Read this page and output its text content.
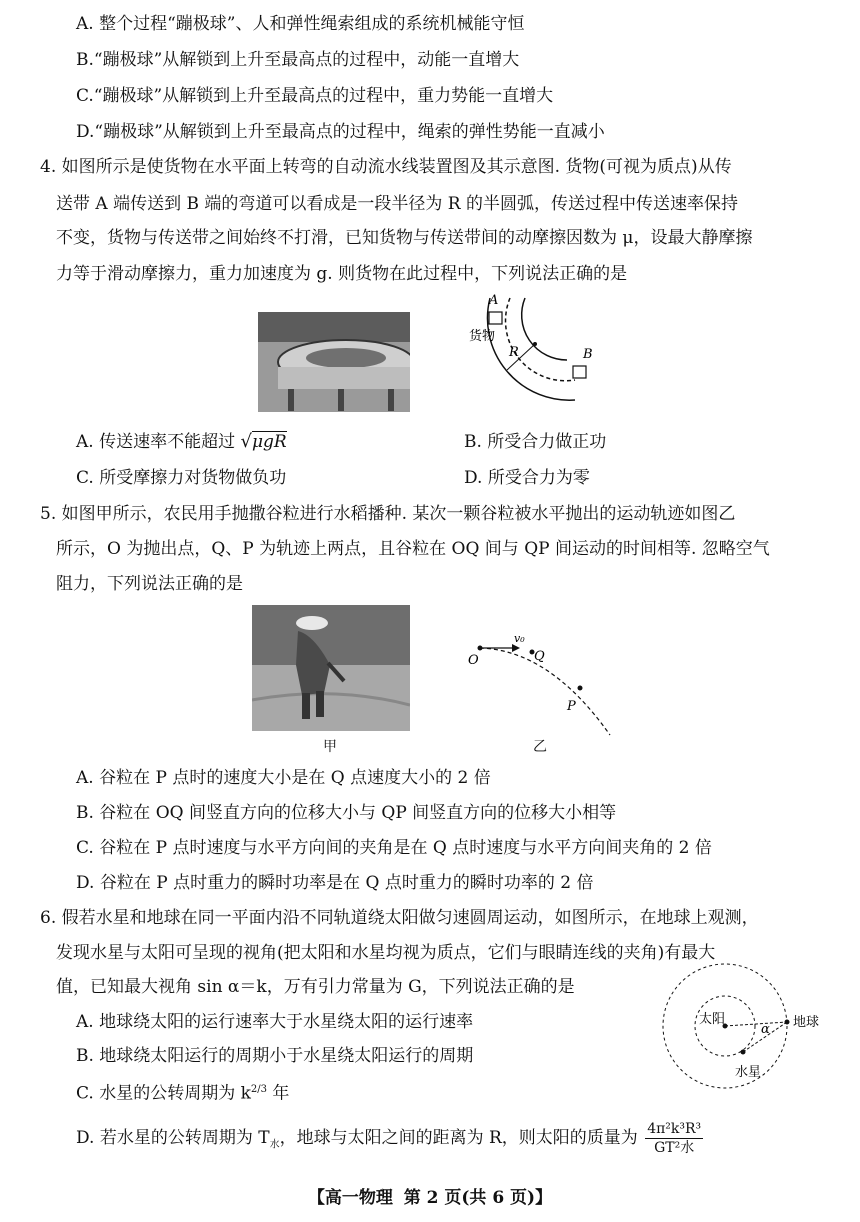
A. 整个过程“蹦极球”、人和弹性绳索组成的系统机械能守恒
B.“蹦极球”从解锁到上升至最高点的过程中，动能一直增大
C.“蹦极球”从解锁到上升至最高点的过程中，重力势能一直增大
D.“蹦极球”从解锁到上升至最高点的过程中，绳索的弹性势能一直减小
4. 如图所示是使货物在水平面上转弯的自动流水线装置图及其示意图. 货物(可视为质点)从传
送带 A 端传送到 B 端的弯道可以看成是一段半径为 R 的半圆弧，传送过程中传送速率保持
不变，货物与传送带之间始终不打滑，已知货物与传送带间的动摩擦因数为 μ，设最大静摩擦
力等于滑动摩擦力，重力加速度为 g. 则货物在此过程中，下列说法正确的是
A
B
货物
R
A. 传送速率不能超过 √μgR	B. 所受合力做正功
C. 所受摩擦力对货物做负功	D. 所受合力为零
5. 如图甲所示，农民用手抛撒谷粒进行水稻播种. 某次一颗谷粒被水平抛出的运动轨迹如图乙
所示，O 为抛出点，Q、P 为轨迹上两点，且谷粒在 OQ 间与 QP 间运动的时间相等. 忽略空气
阻力，下列说法正确的是
甲
O	Q
P
v₀
乙
A. 谷粒在 P 点时的速度大小是在 Q 点速度大小的 2 倍
B. 谷粒在 OQ 间竖直方向的位移大小与 QP 间竖直方向的位移大小相等
C. 谷粒在 P 点时速度与水平方向间的夹角是在 Q 点时速度与水平方向间夹角的 2 倍
D. 谷粒在 P 点时重力的瞬时功率是在 Q 点时重力的瞬时功率的 2 倍
6. 假若水星和地球在同一平面内沿不同轨道绕太阳做匀速圆周运动，如图所示，在地球上观测，
发现水星与太阳可呈现的视角(把太阳和水星均视为质点，它们与眼睛连线的夹角)有最大
值，已知最大视角 sin α＝k，万有引力常量为 G，下列说法正确的是
太阳	地球
水星
α
A. 地球绕太阳的运行速率大于水星绕太阳的运行速率
B. 地球绕太阳运行的周期小于水星绕太阳运行的周期
C. 水星的公转周期为 $k^{2/3}$ 年
D. 若水星的公转周期为 $T_水$，地球与太阳之间的距离为 R，则太阳的质量为 $\frac{\text{4π²k³R³}}{\text{GT²水}}$
【高一物理 第 2 页(共 6 页)】
